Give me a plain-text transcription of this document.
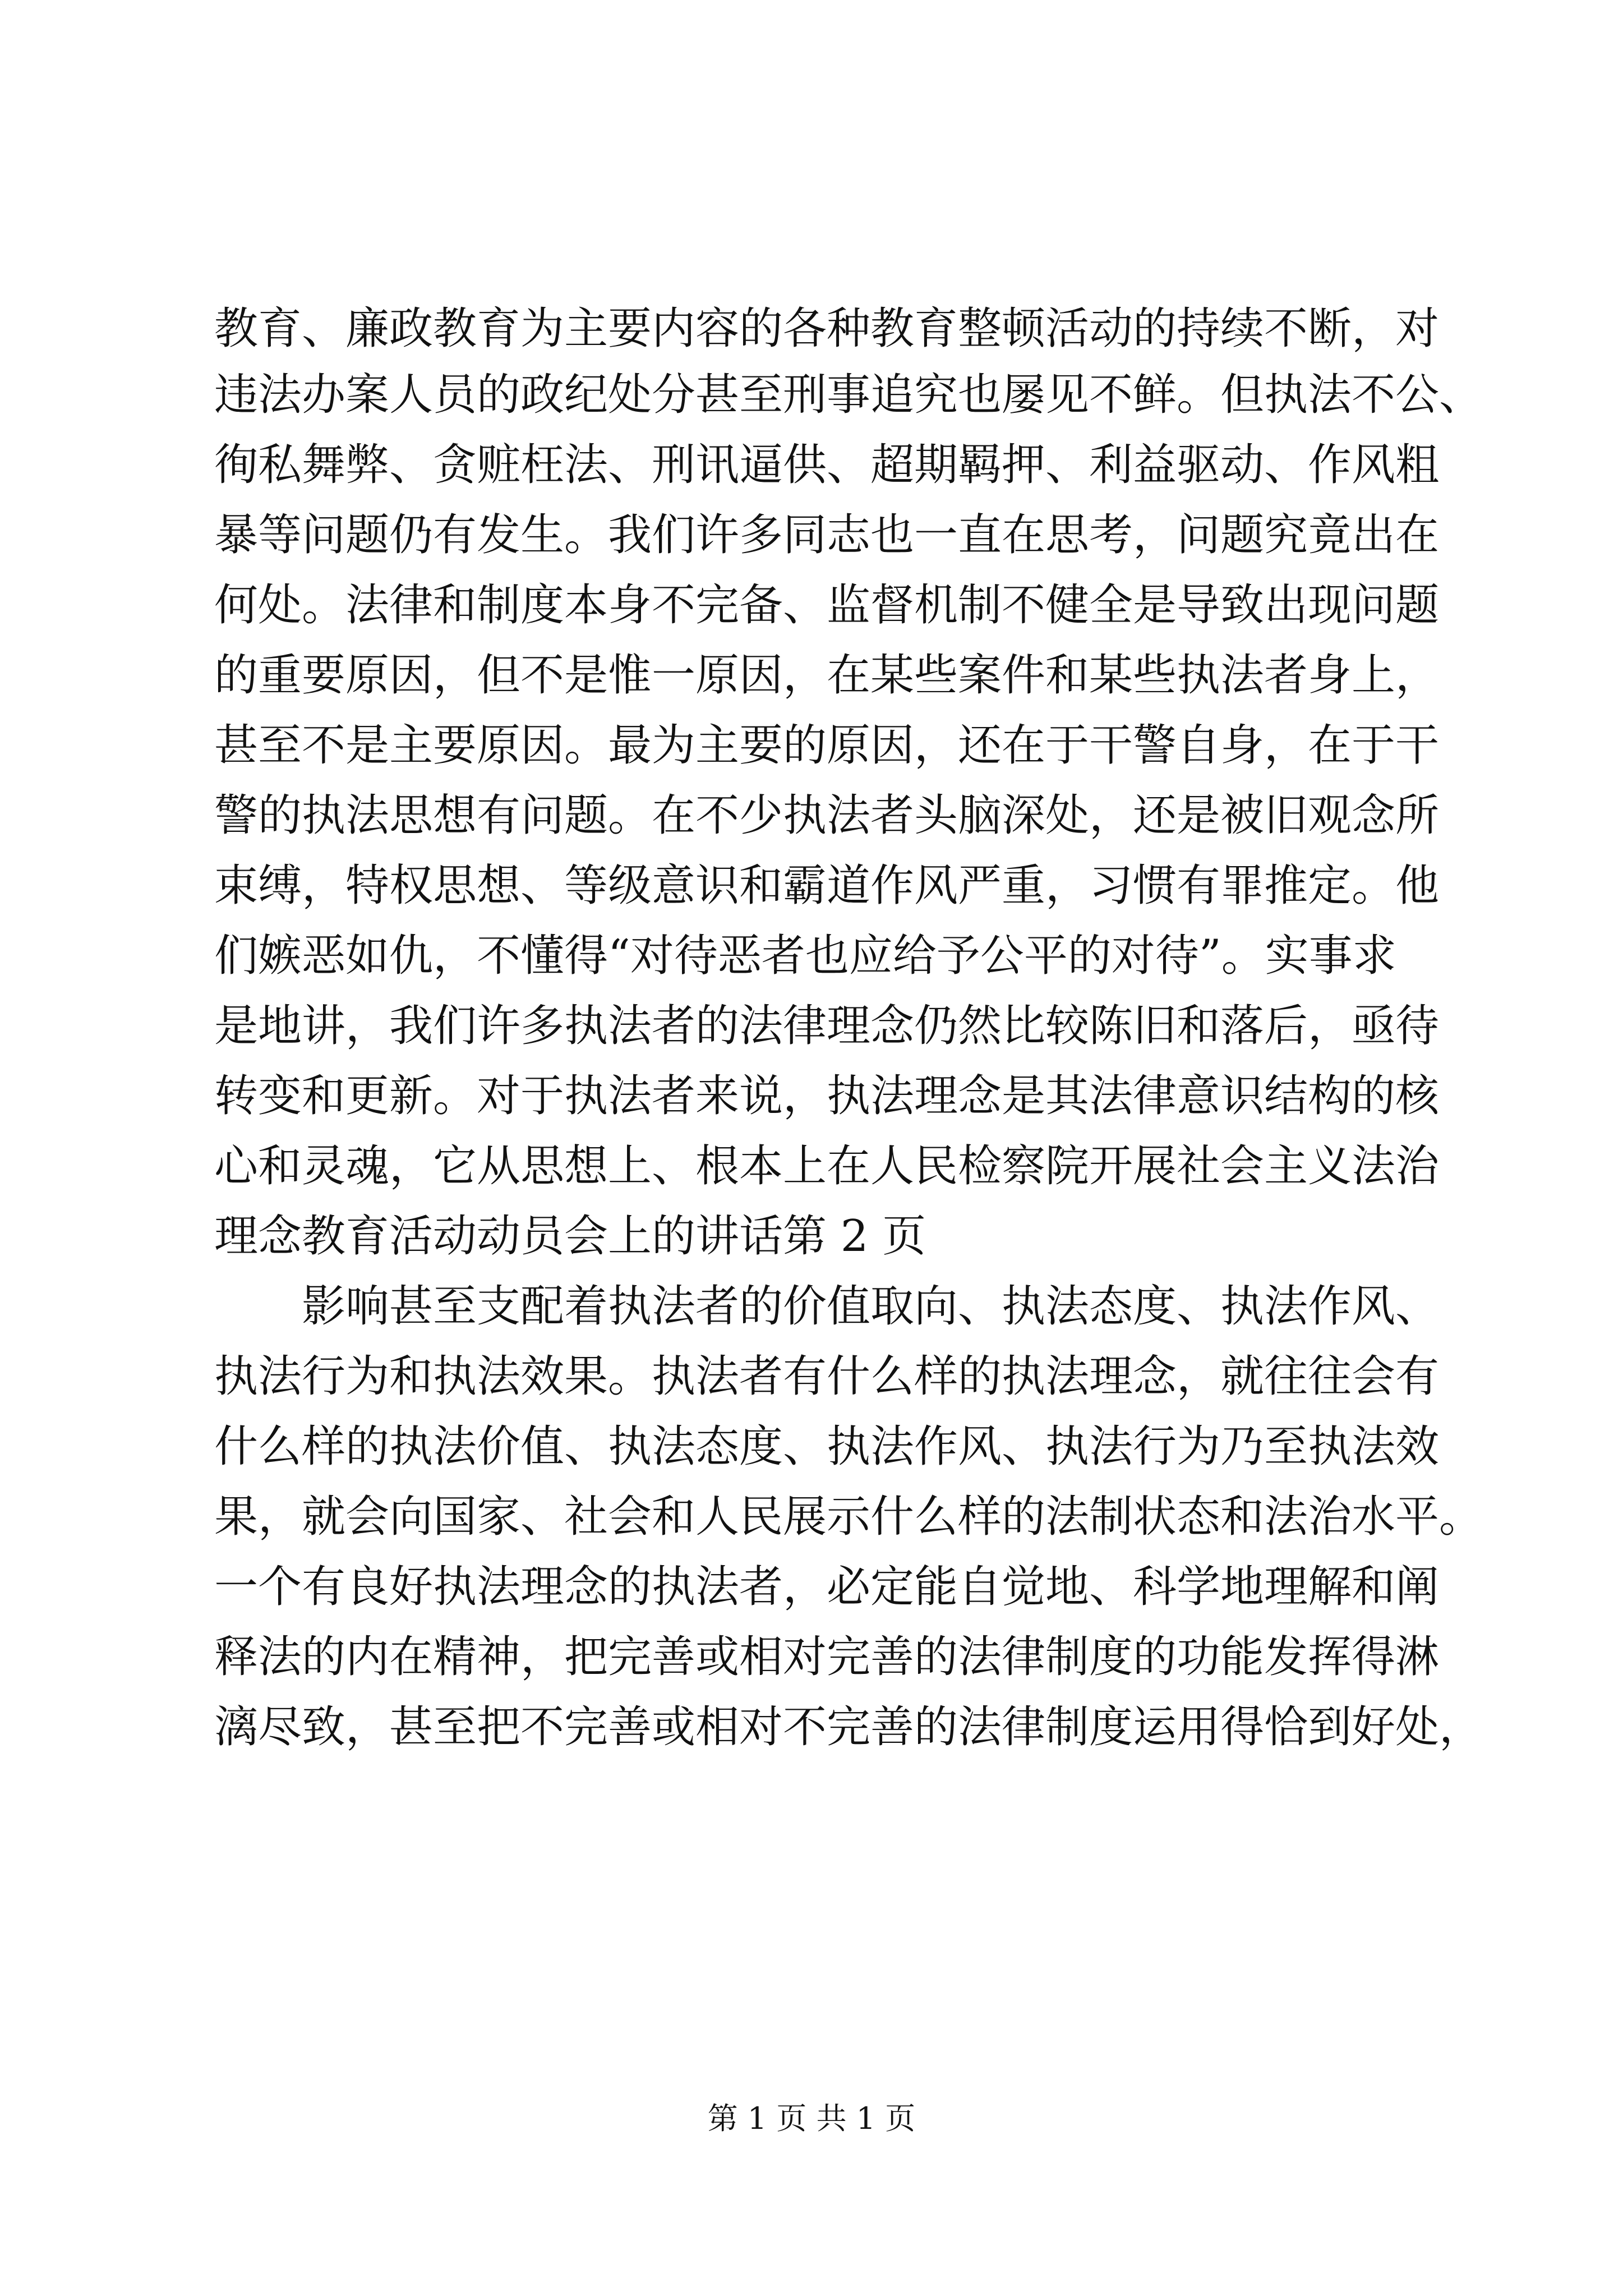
教育、廉政教育为主要内容的各种教育整顿活动的持续不断，对
违法办案人员的政纪处分甚至刑事追究也屡见不鲜。但执法不公、
徇私舞弊、贪赃枉法、刑讯逼供、超期羁押、利益驱动、作风粗
暴等问题仍有发生。我们许多同志也一直在思考，问题究竟出在
何处。法律和制度本身不完备、监督机制不健全是导致出现问题
的重要原因，但不是惟一原因，在某些案件和某些执法者身上，
甚至不是主要原因。最为主要的原因，还在于干警自身，在于干
警的执法思想有问题。在不少执法者头脑深处，还是被旧观念所
束缚，特权思想、等级意识和霸道作风严重，习惯有罪推定。他
们嫉恶如仇，不懂得“对待恶者也应给予公平的对待”。实事求
是地讲，我们许多执法者的法律理念仍然比较陈旧和落后，亟待
转变和更新。对于执法者来说，执法理念是其法律意识结构的核
心和灵魂，它从思想上、根本上在人民检察院开展社会主义法治
理念教育活动动员会上的讲话第 2 页
　　影响甚至支配着执法者的价值取向、执法态度、执法作风、
执法行为和执法效果。执法者有什么样的执法理念，就往往会有
什么样的执法价值、执法态度、执法作风、执法行为乃至执法效
果，就会向国家、社会和人民展示什么样的法制状态和法治水平。
一个有良好执法理念的执法者，必定能自觉地、科学地理解和阐
释法的内在精神，把完善或相对完善的法律制度的功能发挥得淋
漓尽致，甚至把不完善或相对不完善的法律制度运用得恰到好处，
第 1 页 共 1 页
